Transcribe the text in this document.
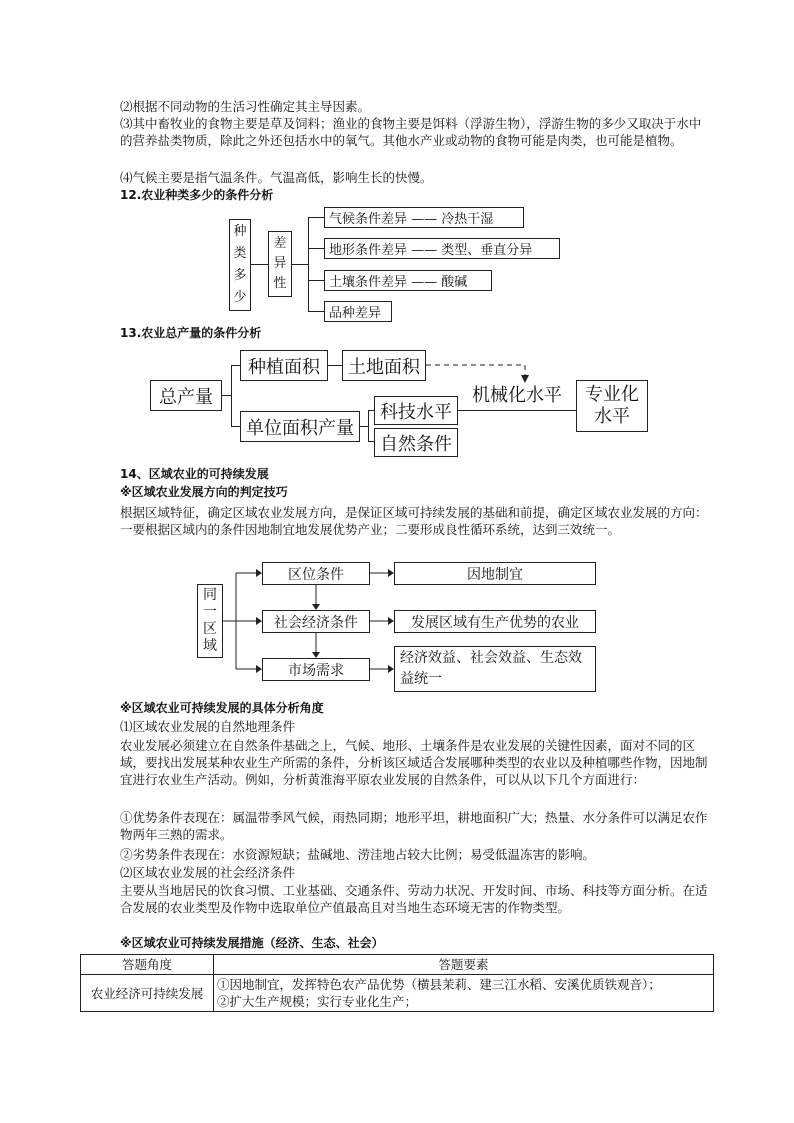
⑵根据不同动物的生活习性确定其主导因素。
⑶其中畜牧业的食物主要是草及饲料；渔业的食物主要是饵料（浮游生物），浮游生物的多少又取决于水中的营养盐类物质，除此之外还包括水中的氧气。其他水产业或动物的食物可能是肉类，也可能是植物。
⑷气候主要是指气温条件。气温高低，影响生长的快慢。
12.农业种类多少的条件分析
种类多少
差异性
气候条件差异 —— 冷热干湿
地形条件差异 —— 类型、垂直分异
土壤条件差异 —— 酸碱
品种差异
13.农业总产量的条件分析
总产量
种植面积 土地面积
单位面积产量
科技水平
自然条件
机械化水平 专业化水平
14、区域农业的可持续发展
※区域农业发展方向的判定技巧
根据区域特征，确定区域农业发展方向，是保证区域可持续发展的基础和前提，确定区域农业发展的方向：一要根据区域内的条件因地制宜地发展优势产业；二要形成良性循环系统，达到三效统一。
同一区域
区位条件
社会经济条件
市场需求
因地制宜
发展区域有生产优势的农业
经济效益、社会效益、生态效益统一
※区域农业可持续发展的具体分析角度
⑴区域农业发展的自然地理条件
农业发展必须建立在自然条件基础之上，气候、地形、土壤条件是农业发展的关键性因素，面对不同的区域，要找出发展某种农业生产所需的条件，分析该区域适合发展哪种类型的农业以及种植哪些作物，因地制宜进行农业生产活动。例如，分析黄淮海平原农业发展的自然条件，可以从以下几个方面进行：
①优势条件表现在：属温带季风气候，雨热同期；地形平坦，耕地面积广大；热量、水分条件可以满足农作物两年三熟的需求。
②劣势条件表现在：水资源短缺；盐碱地、涝洼地占较大比例；易受低温冻害的影响。
⑵区域农业发展的社会经济条件
主要从当地居民的饮食习惯、工业基础、交通条件、劳动力状况、开发时间、市场、科技等方面分析。在适合发展的农业类型及作物中选取单位产值最高且对当地生态环境无害的作物类型。
※区域农业可持续发展措施（经济、生态、社会）
答题角度	答题要素
农业经济可持续发展	①因地制宜，发挥特色农产品优势（横县茉莉、建三江水稻、安溪优质铁观音）；
②扩大生产规模；实行专业化生产；
